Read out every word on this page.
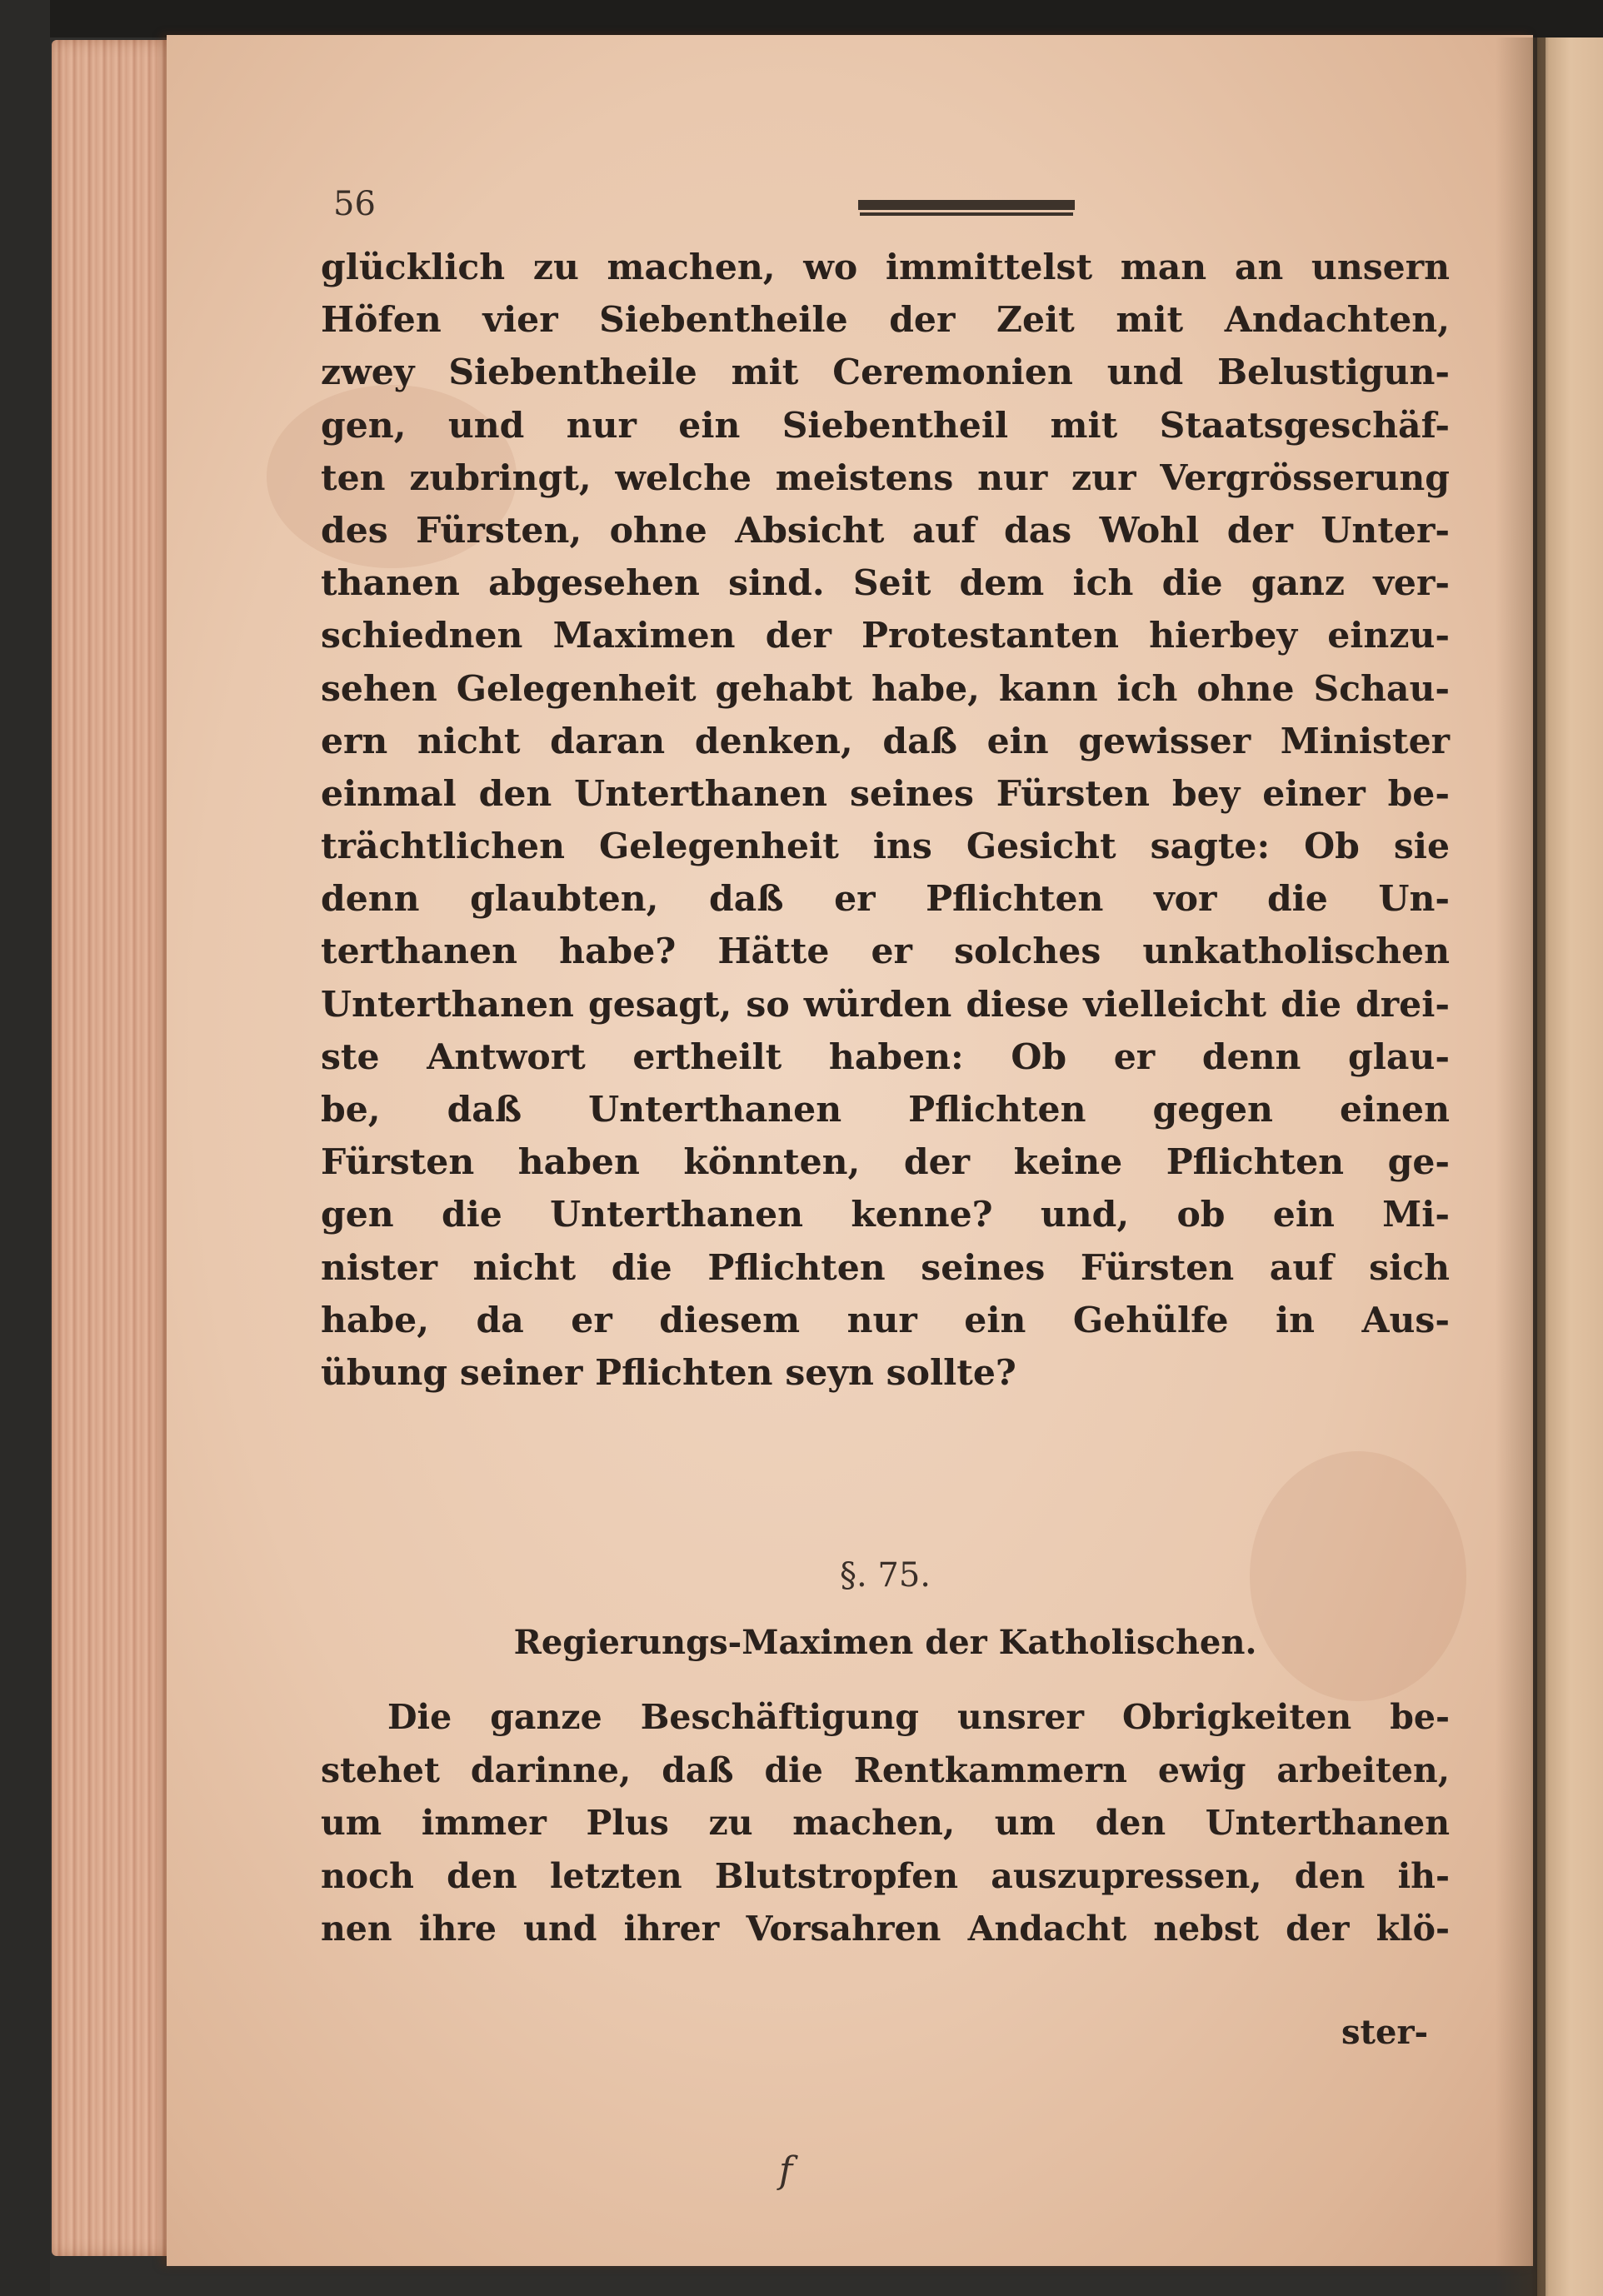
56
glücklich zu machen, wo immittelst man an unsern
Höfen vier Siebentheile der Zeit mit Andachten,
zwey Siebentheile mit Ceremonien und Belustigun-
gen, und nur ein Siebentheil mit Staatsgeschäf-
ten zubringt, welche meistens nur zur Vergrösserung
des Fürsten, ohne Absicht auf das Wohl der Unter-
thanen abgesehen sind. Seit dem ich die ganz ver-
schiednen Maximen der Protestanten hierbey einzu-
sehen Gelegenheit gehabt habe, kann ich ohne Schau-
ern nicht daran denken, daß ein gewisser Minister
einmal den Unterthanen seines Fürsten bey einer be-
trächtlichen Gelegenheit ins Gesicht sagte: Ob sie
denn glaubten, daß er Pflichten vor die Un-
terthanen habe? Hätte er solches unkatholischen
Unterthanen gesagt, so würden diese vielleicht die drei-
ste Antwort ertheilt haben: Ob er denn glau-
be, daß Unterthanen Pflichten gegen einen
Fürsten haben könnten, der keine Pflichten ge-
gen die Unterthanen kenne? und, ob ein Mi-
nister nicht die Pflichten seines Fürsten auf sich
habe, da er diesem nur ein Gehülfe in Aus-
übung seiner Pflichten seyn sollte?
§. 75.
Regierungs-Maximen der Katholischen.
Die ganze Beschäftigung unsrer Obrigkeiten be-
stehet darinne, daß die Rentkammern ewig arbeiten,
um immer Plus zu machen, um den Unterthanen
noch den letzten Blutstropfen auszupressen, den ih-
nen ihre und ihrer Vorsahren Andacht nebst der klö-
ster-
f
